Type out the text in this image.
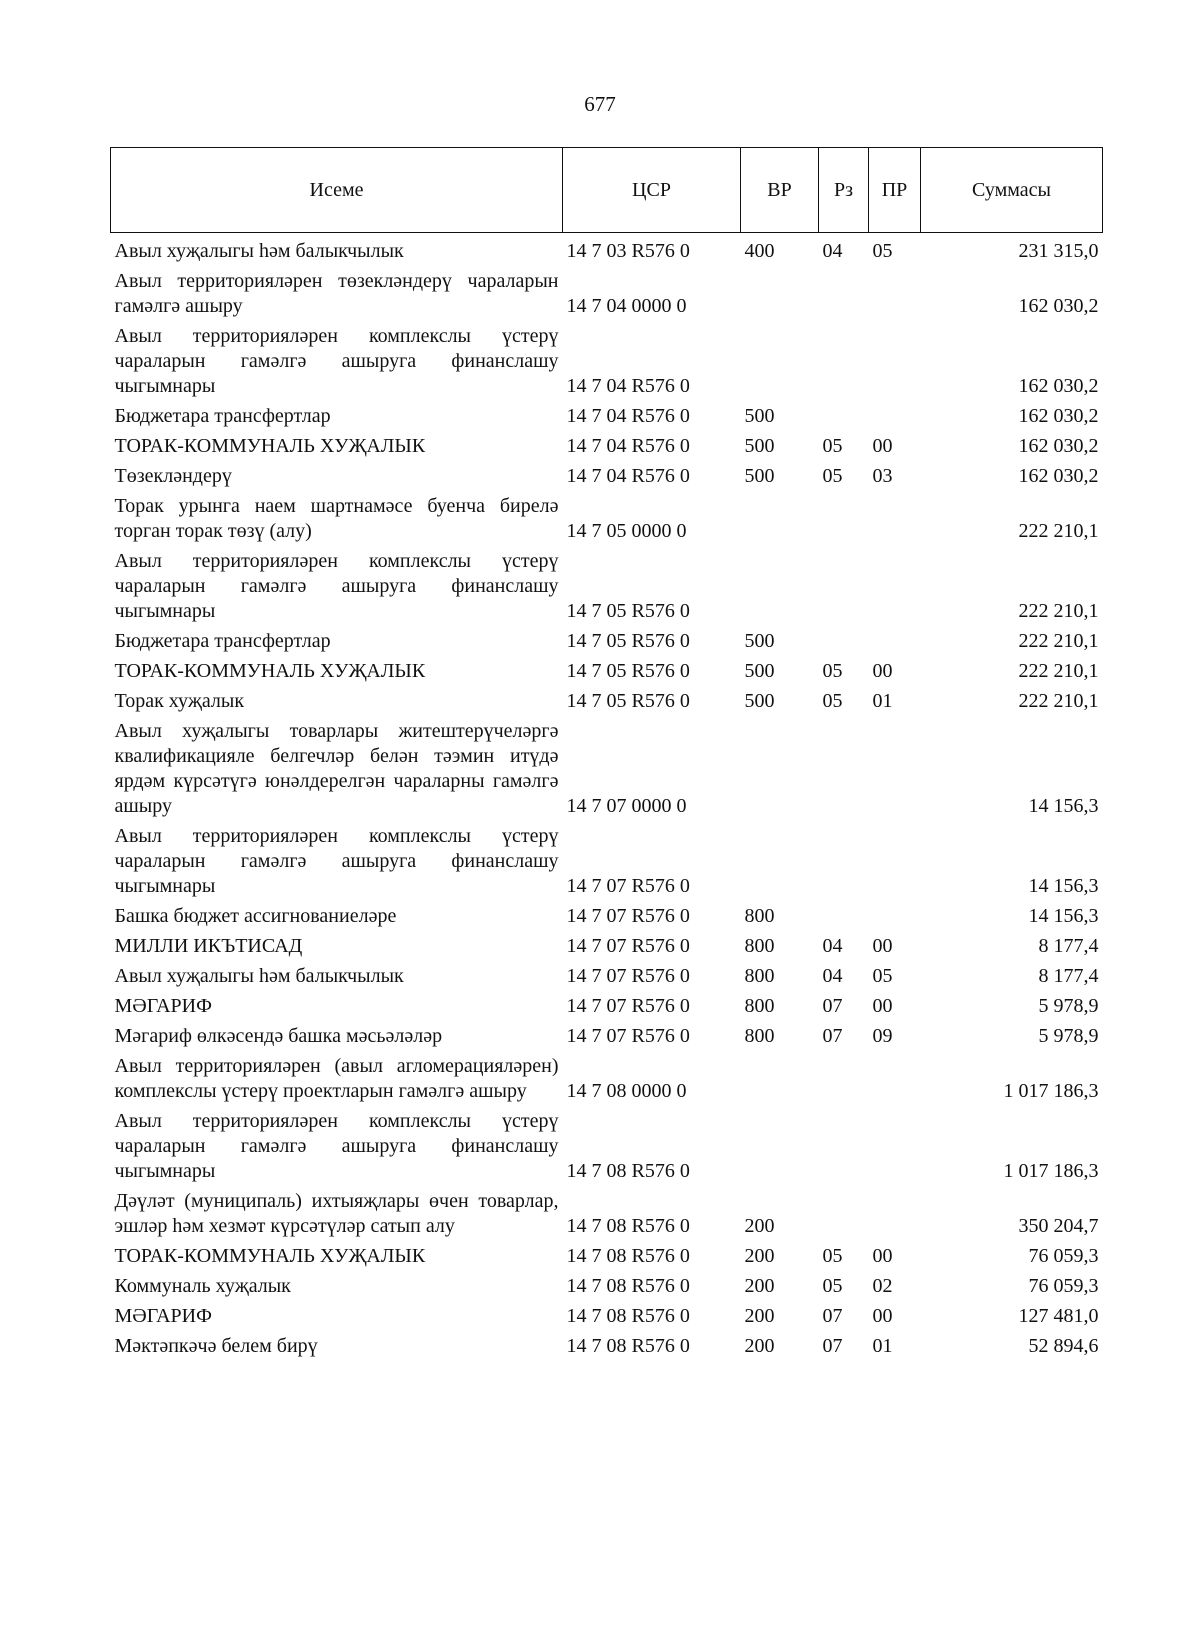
677
Исеме	ЦСР	ВР	Рз	ПР	Суммасы

Авыл хуҗалыгы һәм балыкчылык	14 7 03 R576 0	400	04	05	231 315,0
Авыл территорияләрен төзекләндерү чараларын гамәлгә ашыру	14 7 04 0000 0				162 030,2
Авыл территорияләрен комплекслы үстерү чараларын гамәлгә ашыруга финанслашу чыгымнары	14 7 04 R576 0				162 030,2
Бюджетара трансфертлар	14 7 04 R576 0	500			162 030,2
ТОРАК-КОММУНАЛЬ ХУҖАЛЫК	14 7 04 R576 0	500	05	00	162 030,2
Төзекләндерү	14 7 04 R576 0	500	05	03	162 030,2
Торак урынга наем шартнамәсе буенча бирелә торган торак төзү (алу)	14 7 05 0000 0				222 210,1
Авыл территорияләрен комплекслы үстерү чараларын гамәлгә ашыруга финанслашу чыгымнары	14 7 05 R576 0				222 210,1
Бюджетара трансфертлар	14 7 05 R576 0	500			222 210,1
ТОРАК-КОММУНАЛЬ ХУҖАЛЫК	14 7 05 R576 0	500	05	00	222 210,1
Торак хуҗалык	14 7 05 R576 0	500	05	01	222 210,1
Авыл хуҗалыгы товарлары житештерүчеләргә квалификацияле белгечләр белән тәэмин итүдә ярдәм күрсәтүгә юнәлдерелгән чараларны гамәлгә ашыру	14 7 07 0000 0				14 156,3
Авыл территорияләрен комплекслы үстерү чараларын гамәлгә ашыруга финанслашу чыгымнары	14 7 07 R576 0				14 156,3
Башка бюджет ассигнованиеләре	14 7 07 R576 0	800			14 156,3
МИЛЛИ ИКЪТИСАД	14 7 07 R576 0	800	04	00	8 177,4
Авыл хуҗалыгы һәм балыкчылык	14 7 07 R576 0	800	04	05	8 177,4
МӘГАРИФ	14 7 07 R576 0	800	07	00	5 978,9
Мәгариф өлкәсендә башка мәсьәләләр	14 7 07 R576 0	800	07	09	5 978,9
Авыл территорияләрен (авыл агломерацияләрен) комплекслы үстерү проектларын гамәлгә ашыру	14 7 08 0000 0				1 017 186,3
Авыл территорияләрен комплекслы үстерү чараларын гамәлгә ашыруга финанслашу чыгымнары	14 7 08 R576 0				1 017 186,3
Дәүләт (муниципаль) ихтыяҗлары өчен товарлар, эшләр һәм хезмәт күрсәтүләр сатып алу	14 7 08 R576 0	200			350 204,7
ТОРАК-КОММУНАЛЬ ХУҖАЛЫК	14 7 08 R576 0	200	05	00	76 059,3
Коммуналь хуҗалык	14 7 08 R576 0	200	05	02	76 059,3
МӘГАРИФ	14 7 08 R576 0	200	07	00	127 481,0
Мәктәпкәчә белем бирү	14 7 08 R576 0	200	07	01	52 894,6
